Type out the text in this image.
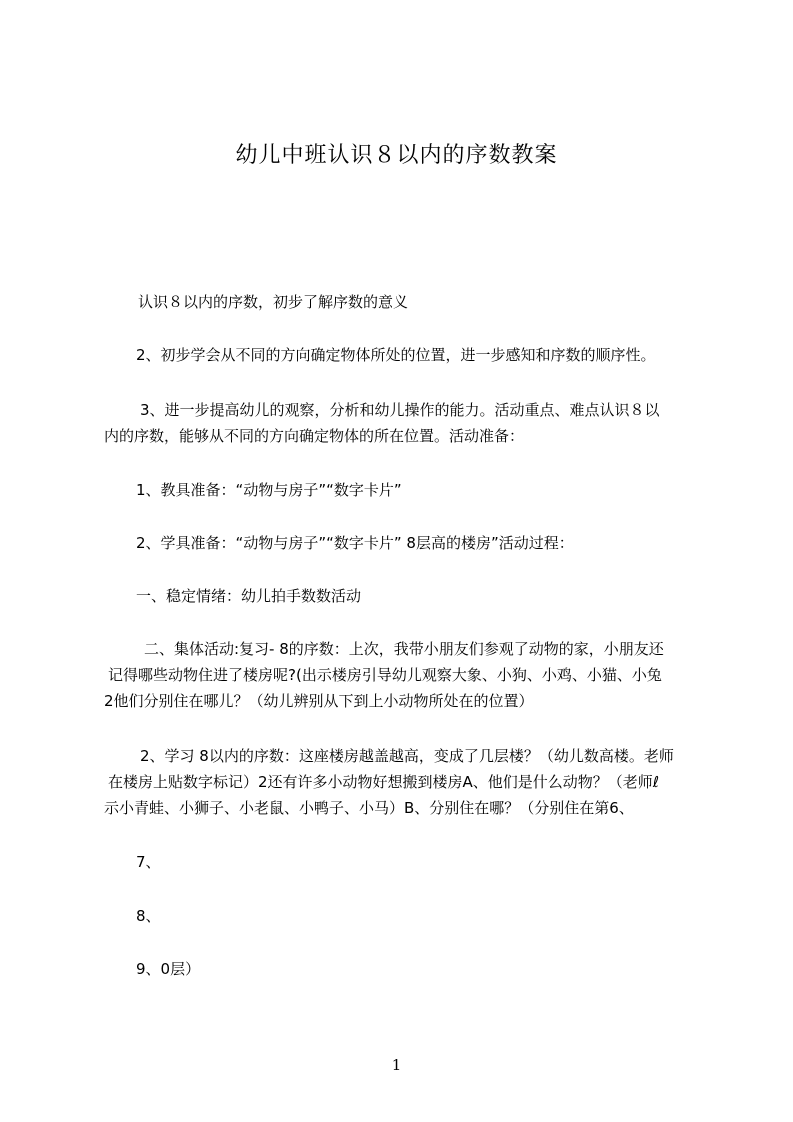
幼儿中班认识８以内的序数教案
认识８以内的序数，初步了解序数的意义
2、初步学会从不同的方向确定物体所处的位置，进一步感知和序数的顺序性。
3、进一步提高幼儿的观察，分析和幼儿操作的能力。活动重点、难点认识８以
内的序数，能够从不同的方向确定物体的所在位置。活动准备：
1、教具准备：“动物与房子”“数字卡片”
2、学具准备：“动物与房子”“数字卡片” 8层高的楼房”活动过程：
一、稳定情绪：幼儿拍手数数活动
二、集体活动:复习- 8的序数：上次，我带小朋友们参观了动物的家，小朋友还
记得哪些动物住进了楼房呢?(出示楼房引导幼儿观察大象、小狗、小鸡、小猫、小兔
2他们分别住在哪儿？（幼儿辨别从下到上小动物所处在的位置）
2、学习 8以内的序数：这座楼房越盖越高，变成了几层楼？（幼儿数高楼。老师
在楼房上贴数字标记）2还有许多小动物好想搬到楼房A、他们是什么动物？（老师ℓ
示小青蛙、小狮子、小老鼠、小鸭子、小马）B、分别住在哪？（分别住在第6、
7、
8、
9、0层）
1
